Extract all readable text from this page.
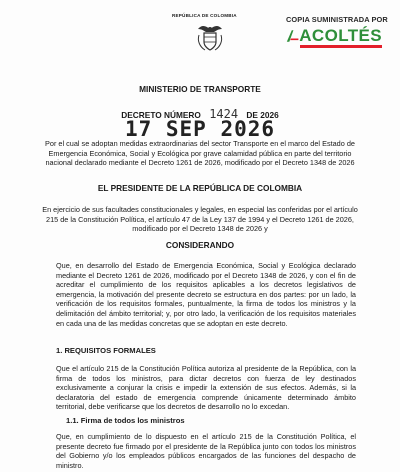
REPÚBLICA DE COLOMBIA	COPIA SUMINISTRADA POR
ACOLTÉS
MINISTERIO DE TRANSPORTE
DECRETO NÚMERO 1424 DE 2026
17 SEP 2026
Por el cual se adoptan medidas extraordinarias del sector Transporte en el marco del Estado de Emergencia Económica, Social y Ecológica por grave calamidad pública en parte del territorio nacional declarado mediante el Decreto 1261 de 2026, modificado por el Decreto 1348 de 2026
EL PRESIDENTE DE LA REPÚBLICA DE COLOMBIA
En ejercicio de sus facultades constitucionales y legales, en especial las conferidas por el artículo 215 de la Constitución Política, el artículo 47 de la Ley 137 de 1994 y el Decreto 1261 de 2026, modificado por el Decreto 1348 de 2026 y
CONSIDERANDO
Que, en desarrollo del Estado de Emergencia Económica, Social y Ecológica declarado mediante el Decreto 1261 de 2026, modificado por el Decreto 1348 de 2026, y con el fin de acreditar el cumplimiento de los requisitos aplicables a los decretos legislativos de emergencia, la motivación del presente decreto se estructura en dos partes: por un lado, la verificación de los requisitos formales, puntualmente, la firma de todos los ministros y la delimitación del ámbito territorial; y, por otro lado, la verificación de los requisitos materiales en cada una de las medidas concretas que se adoptan en este decreto.
1. REQUISITOS FORMALES
Que el artículo 215 de la Constitución Política autoriza al presidente de la República, con la firma de todos los ministros, para dictar decretos con fuerza de ley destinados exclusivamente a conjurar la crisis e impedir la extensión de sus efectos. Además, si la declaratoria del estado de emergencia comprende únicamente determinado ámbito territorial, debe verificarse que los decretos de desarrollo no lo excedan.
1.1. Firma de todos los ministros
Que, en cumplimiento de lo dispuesto en el artículo 215 de la Constitución Política, el presente decreto fue firmado por el presidente de la República junto con todos los ministros del Gobierno y/o los empleados públicos encargados de las funciones del despacho de ministro.
